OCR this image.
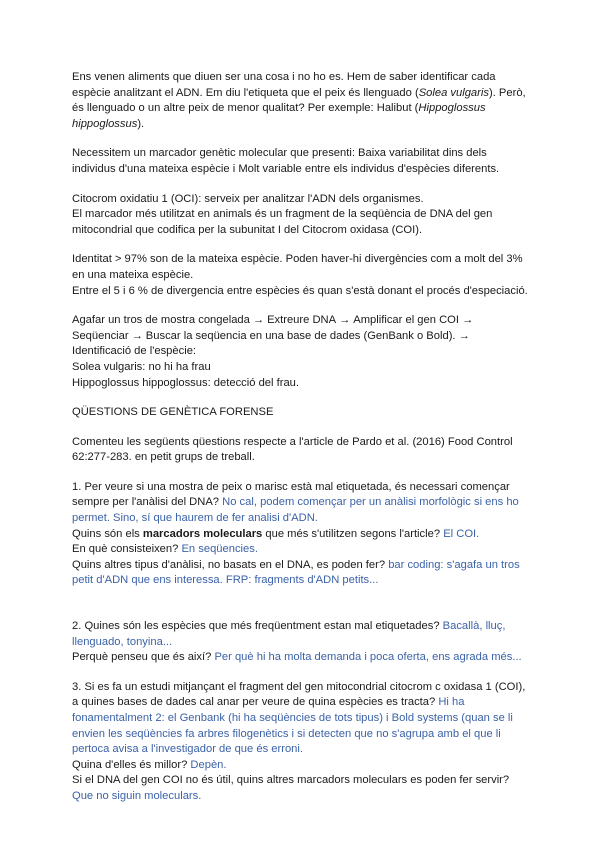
Ens venen aliments que diuen ser una cosa i no ho es. Hem de saber identificar cada
espècie analitzant el ADN. Em diu l'etiqueta que el peix és llenguado (Solea vulgaris). Però,
és llenguado o un altre peix de menor qualitat? Per exemple: Halibut (Hippoglossus
hippoglossus).
Necessitem un marcador genètic molecular que presenti: Baixa variabilitat dins dels
individus d'una mateixa espècie i Molt variable entre els individus d'espècies diferents.
Citocrom oxidatiu 1 (OCI): serveix per analitzar l'ADN dels organismes.
El marcador més utilitzat en animals és un fragment de la seqüència de DNA del gen
mitocondrial que codifica per la subunitat I del Citocrom oxidasa (COI).
Identitat > 97% son de la mateixa espècie. Poden haver-hi divergències com a molt del 3%
en una mateixa espècie.
Entre el 5 i 6 % de divergencia entre espècies és quan s'està donant el procés d'especiació.
Agafar un tros de mostra congelada → Extreure DNA → Amplificar el gen COI →
Seqüenciar → Buscar la seqüencia en una base de dades (GenBank o Bold). →
Identificació de l'espècie:
Solea vulgaris: no hi ha frau
Hippoglossus hippoglossus: detecció del frau.
QÜESTIONS DE GENÈTICA FORENSE
Comenteu les següents qüestions respecte a l'article de Pardo et al. (2016) Food Control
62:277-283. en petit grups de treball.
1. Per veure si una mostra de peix o marisc està mal etiquetada, és necessari començar
sempre per l'anàlisi del DNA? No cal, podem començar per un anàlisi morfològic si ens ho
permet. Sino, sí que haurem de fer analisi d'ADN.
Quins són els marcadors moleculars que més s'utilitzen segons l'article? El COI.
En què consisteixen? En seqüencies.
Quins altres tipus d'anàlisi, no basats en el DNA, es poden fer? bar coding: s'agafa un tros
petit d'ADN que ens interessa. FRP: fragments d'ADN petits...
2. Quines són les espècies que més freqüentment estan mal etiquetades? Bacallà, lluç,
llenguado, tonyina...
Perquè penseu que és així? Per què hi ha molta demanda i poca oferta, ens agrada més...
3. Si es fa un estudi mitjançant el fragment del gen mitocondrial citocrom c oxidasa 1 (COI),
a quines bases de dades cal anar per veure de quina espècies es tracta? Hi ha
fonamentalment 2: el Genbank (hi ha seqüències de tots tipus) i Bold systems (quan se li
envien les seqüències fa arbres filogenètics i si detecten que no s'agrupa amb el que li
pertoca avisa a l'investigador de que és erroni.
Quina d'elles és millor? Depèn.
Si el DNA del gen COI no és útil, quins altres marcadors moleculars es poden fer servir?
Que no siguin moleculars.
